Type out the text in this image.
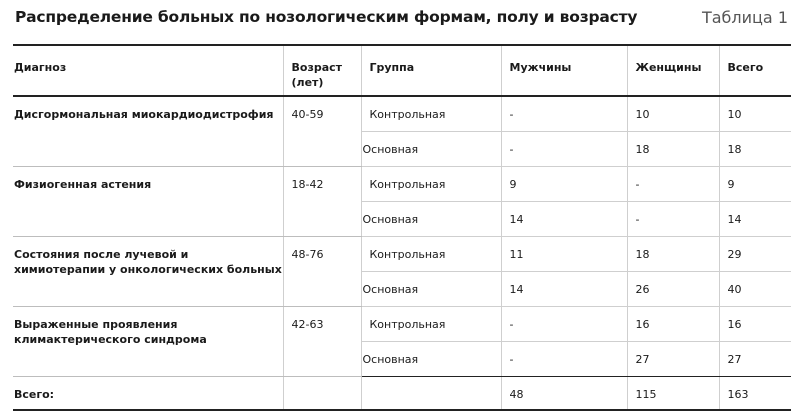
Распределение больных по нозологическим формам, полу и возрасту	Таблица 1
Диагноз	Возраст (лет)	Группа	Мужчины	Женщины	Всего
Дисгормональная миокардиодистрофия	40-59	Контрольная	-	10	10
		Основная	-	18	18
Физиогенная астения	18-42	Контрольная	9	-	9
		Основная	14	-	14
Состояния после лучевой и химиотерапии у онкологических больных	48-76	Контрольная	11	18	29
		Основная	14	26	40
Выраженные проявления климактерического синдрома	42-63	Контрольная	-	16	16
		Основная	-	27	27
Всего:			48	115	163
